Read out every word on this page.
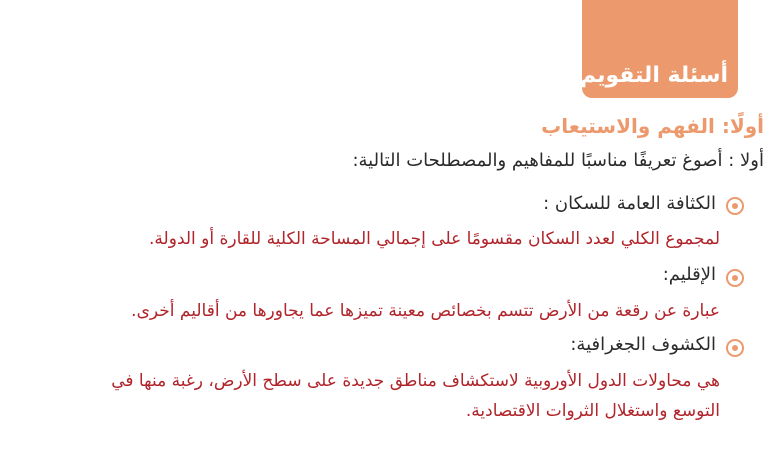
أسئلة التقويم
أولًا: الفهم والاستيعاب
أولا : أصوغ تعريفًا مناسبًا للمفاهيم والمصطلحات التالية:
الكثافة العامة للسكان :
لمجموع الكلي لعدد السكان مقسومًا على إجمالي المساحة الكلية للقارة أو الدولة.
الإقليم:
عبارة عن رقعة من الأرض تتسم بخصائص معينة تميزها عما يجاورها من أقاليم أخرى.
الكشوف الجغرافية:
هي محاولات الدول الأوروبية لاستكشاف مناطق جديدة على سطح الأرض، رغبة منها في
التوسع واستغلال الثروات الاقتصادية.
